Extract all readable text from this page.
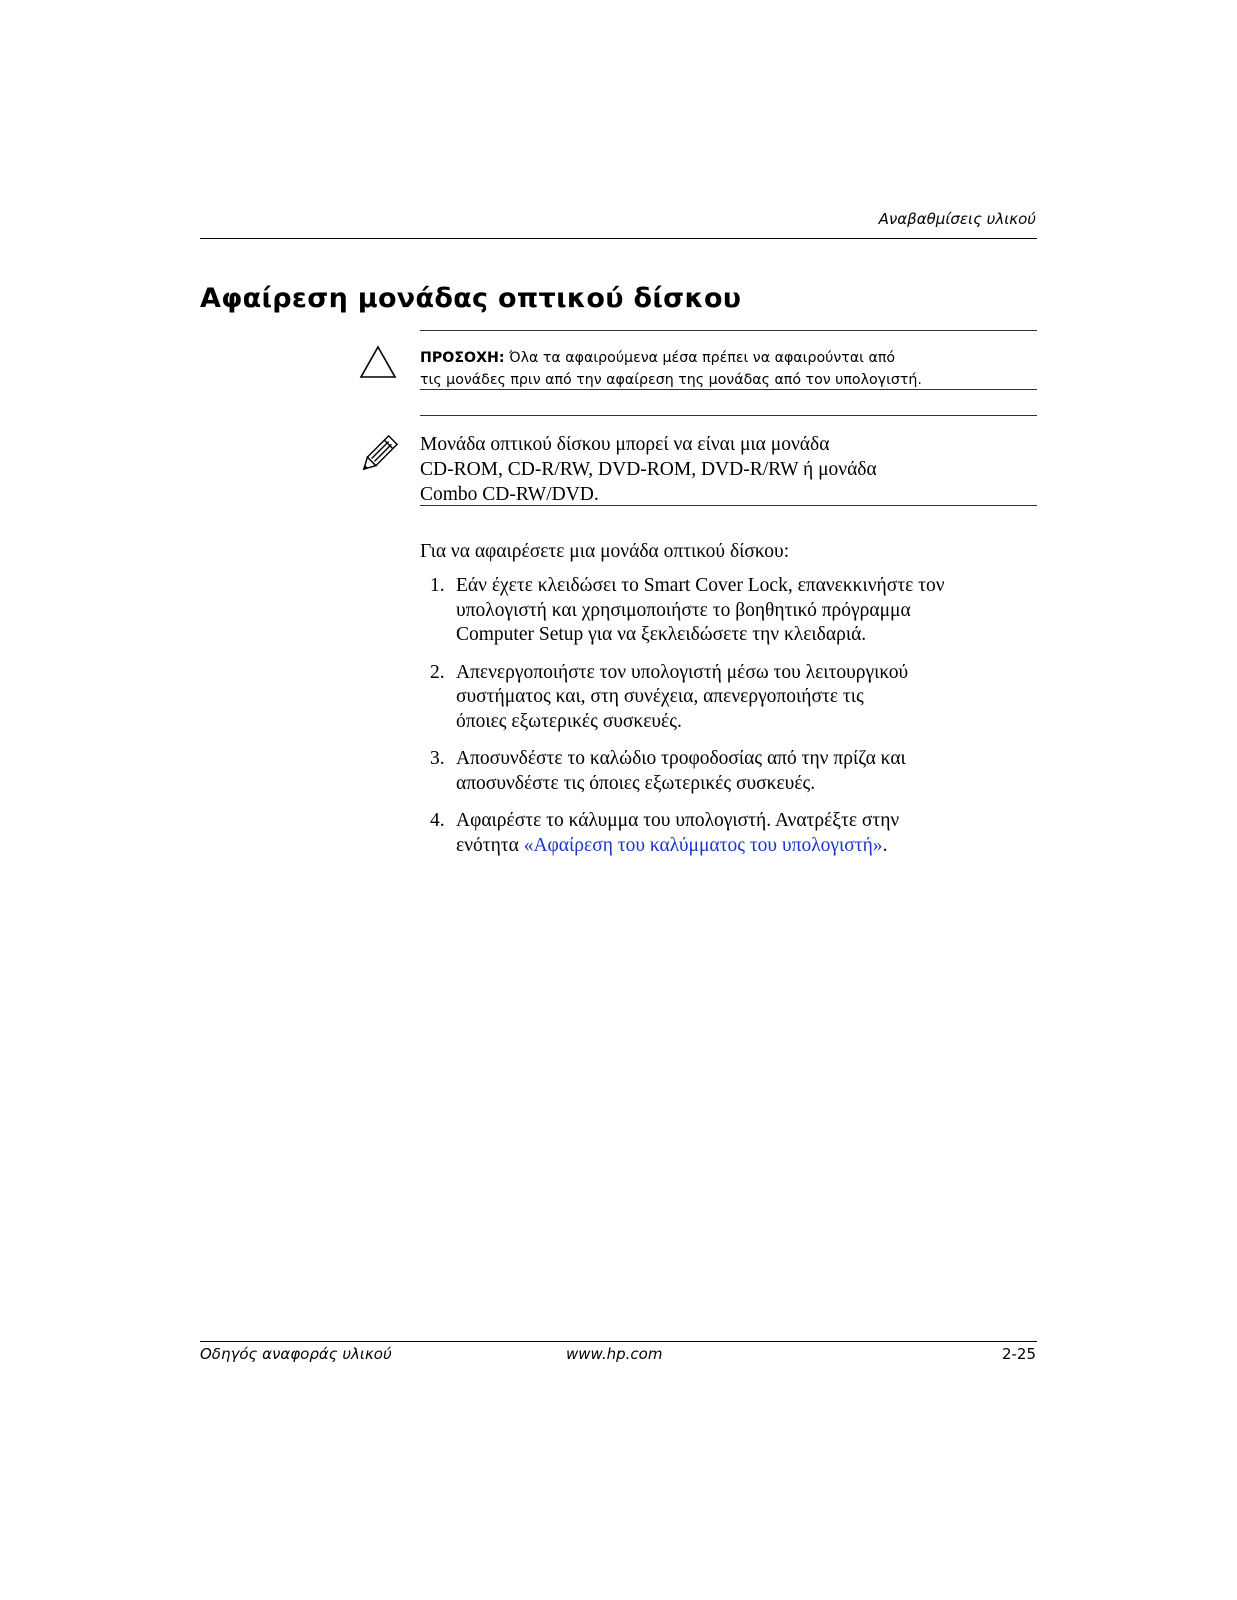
Αναβαθμίσεις υλικού
Αφαίρεση μονάδας οπτικού δίσκου
ΠΡΟΣΟΧΗ: Όλα τα αφαιρούμενα μέσα πρέπει να αφαιρούνται από
τις μονάδες πριν από την αφαίρεση της μονάδας από τον υπολογιστή.
Μονάδα οπτικού δίσκου μπορεί να είναι μια μονάδα
CD-ROM, CD-R/RW, DVD-ROM, DVD-R/RW ή μονάδα
Combo CD-RW/DVD.

Για να αφαιρέσετε μια μονάδα οπτικού δίσκου:

1. Εάν έχετε κλειδώσει το Smart Cover Lock, επανεκκινήστε τον
υπολογιστή και χρησιμοποιήστε το βοηθητικό πρόγραμμα
Computer Setup για να ξεκλειδώσετε την κλειδαριά.
2. Απενεργοποιήστε τον υπολογιστή μέσω του λειτουργικού
συστήματος και, στη συνέχεια, απενεργοποιήστε τις
όποιες εξωτερικές συσκευές.
3. Αποσυνδέστε το καλώδιο τροφοδοσίας από την πρίζα και
αποσυνδέστε τις όποιες εξωτερικές συσκευές.
4. Αφαιρέστε το κάλυμμα του υπολογιστή. Ανατρέξτε στην
ενότητα «Αφαίρεση του καλύμματος του υπολογιστή».
Οδηγός αναφοράς υλικού	www.hp.com	2-25
